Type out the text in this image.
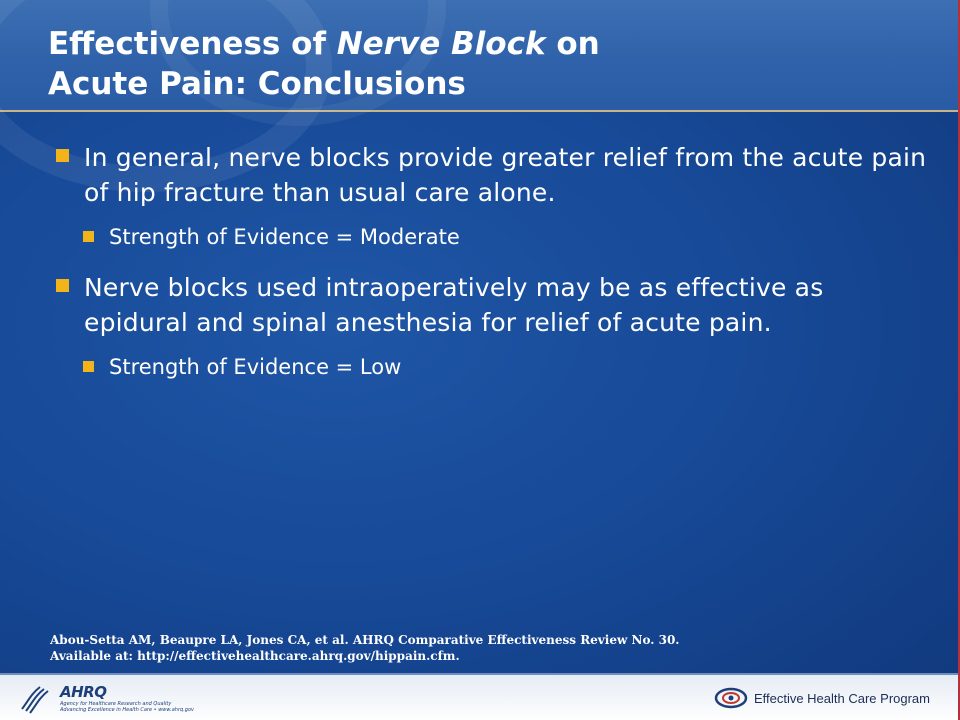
Effectiveness of Nerve Block on
Acute Pain: Conclusions
In general, nerve blocks provide greater relief from the acute pain of hip fracture than usual care alone.
Strength of Evidence = Moderate
Nerve blocks used intraoperatively may be as effective as epidural and spinal anesthesia for relief of acute pain.
Strength of Evidence = Low
Abou-Setta AM, Beaupre LA, Jones CA, et al. AHRQ Comparative Effectiveness Review No. 30.
Available at: http://effectivehealthcare.ahrq.gov/hippain.cfm.
AHRQ
Agency for Healthcare Research and Quality
Advancing Excellence in Health Care • www.ahrq.gov
Effective Health Care Program
